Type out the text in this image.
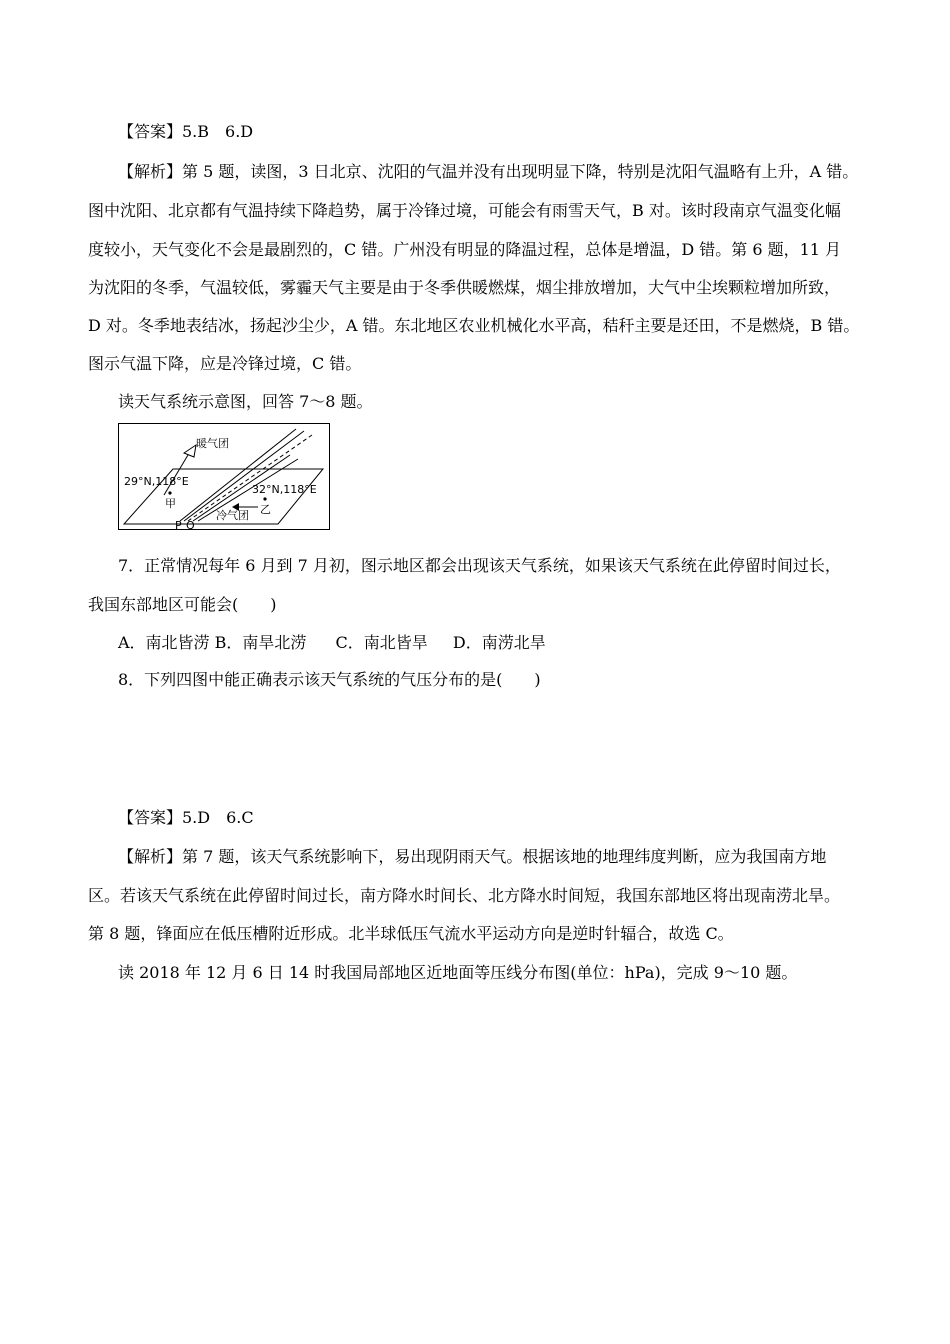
【答案】5.B　6.D
【解析】第 5 题，读图，3 日北京、沈阳的气温并没有出现明显下降，特别是沈阳气温略有上升，A 错。
图中沈阳、北京都有气温持续下降趋势，属于冷锋过境，可能会有雨雪天气，B 对。该时段南京气温变化幅
度较小，天气变化不会是最剧烈的，C 错。广州没有明显的降温过程，总体是增温，D 错。第 6 题，11 月
为沈阳的冬季，气温较低，雾霾天气主要是由于冬季供暖燃煤，烟尘排放增加，大气中尘埃颗粒增加所致，
D 对。冬季地表结冰，扬起沙尘少，A 错。东北地区农业机械化水平高，秸秆主要是还田，不是燃烧，B 错。
图示气温下降，应是冷锋过境，C 错。
读天气系统示意图，回答 7～8 题。
暖气团
29°N,118°E
32°N,118°E
甲	乙
冷气团
P Q
7．正常情况每年 6 月到 7 月初，图示地区都会出现该天气系统，如果该天气系统在此停留时间过长，
我国东部地区可能会(　　)
A．南北皆涝 B．南旱北涝 C．南北皆旱 D．南涝北旱
8．下列四图中能正确表示该天气系统的气压分布的是(　　)
【答案】5.D　6.C
【解析】第 7 题，该天气系统影响下，易出现阴雨天气。根据该地的地理纬度判断，应为我国南方地
区。若该天气系统在此停留时间过长，南方降水时间长、北方降水时间短，我国东部地区将出现南涝北旱。
第 8 题，锋面应在低压槽附近形成。北半球低压气流水平运动方向是逆时针辐合，故选 C。
读 2018 年 12 月 6 日 14 时我国局部地区近地面等压线分布图(单位：hPa)，完成 9～10 题。
